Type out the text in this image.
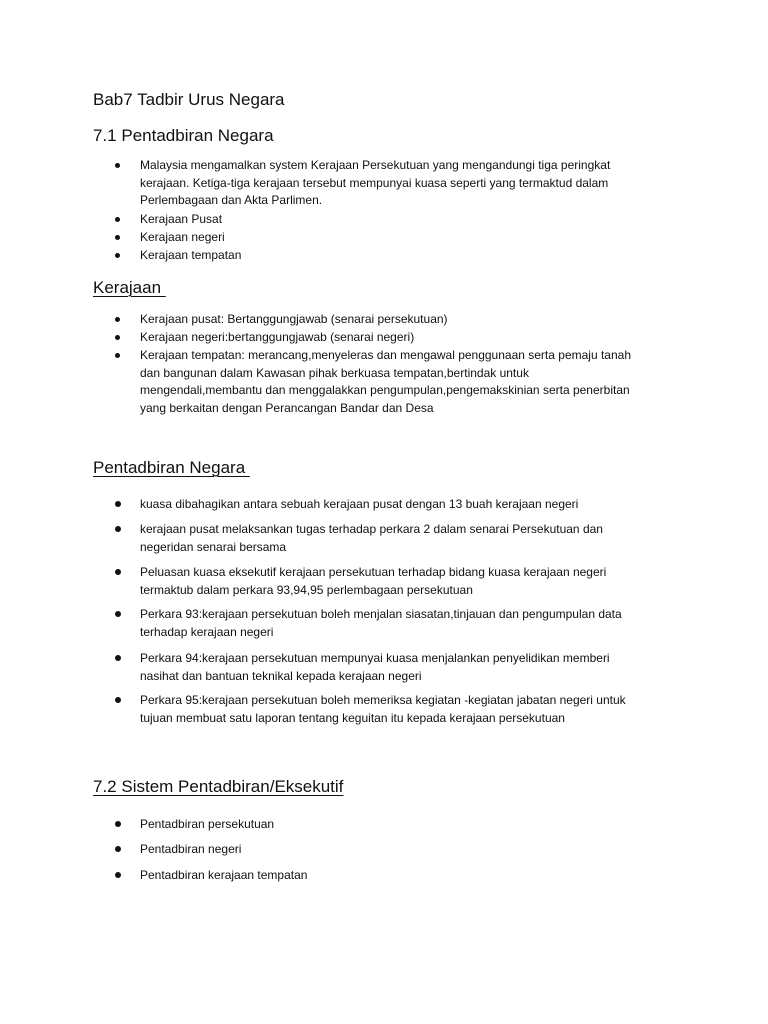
Bab7 Tadbir Urus Negara
7.1 Pentadbiran Negara
Malaysia mengamalkan system Kerajaan Persekutuan yang mengandungi tiga peringkat
kerajaan. Ketiga-tiga kerajaan tersebut mempunyai kuasa seperti yang termaktud dalam
Perlembagaan dan Akta Parlimen.
Kerajaan Pusat
Kerajaan negeri
Kerajaan tempatan
Kerajaan
Kerajaan pusat: Bertanggungjawab (senarai persekutuan)
Kerajaan negeri:bertanggungjawab (senarai negeri)
Kerajaan tempatan: merancang,menyeleras dan mengawal penggunaan serta pemaju tanah
dan bangunan dalam Kawasan pihak berkuasa tempatan,bertindak untuk
mengendali,membantu dan menggalakkan pengumpulan,pengemakskinian serta penerbitan
yang berkaitan dengan Perancangan Bandar dan Desa
Pentadbiran Negara
kuasa dibahagikan antara sebuah kerajaan pusat dengan 13 buah kerajaan negeri
kerajaan pusat melaksankan tugas terhadap perkara 2 dalam senarai Persekutuan dan
negeridan senarai bersama
Peluasan kuasa eksekutif kerajaan persekutuan terhadap bidang kuasa kerajaan negeri
termaktub dalam perkara 93,94,95 perlembagaan persekutuan
Perkara 93:kerajaan persekutuan boleh menjalan siasatan,tinjauan dan pengumpulan data
terhadap kerajaan negeri
Perkara 94:kerajaan persekutuan mempunyai kuasa menjalankan penyelidikan memberi
nasihat dan bantuan teknikal kepada kerajaan negeri
Perkara 95:kerajaan persekutuan boleh memeriksa kegiatan -kegiatan jabatan negeri untuk
tujuan membuat satu laporan tentang keguitan itu kepada kerajaan persekutuan
7.2 Sistem Pentadbiran/Eksekutif
Pentadbiran persekutuan
Pentadbiran negeri
Pentadbiran kerajaan tempatan
